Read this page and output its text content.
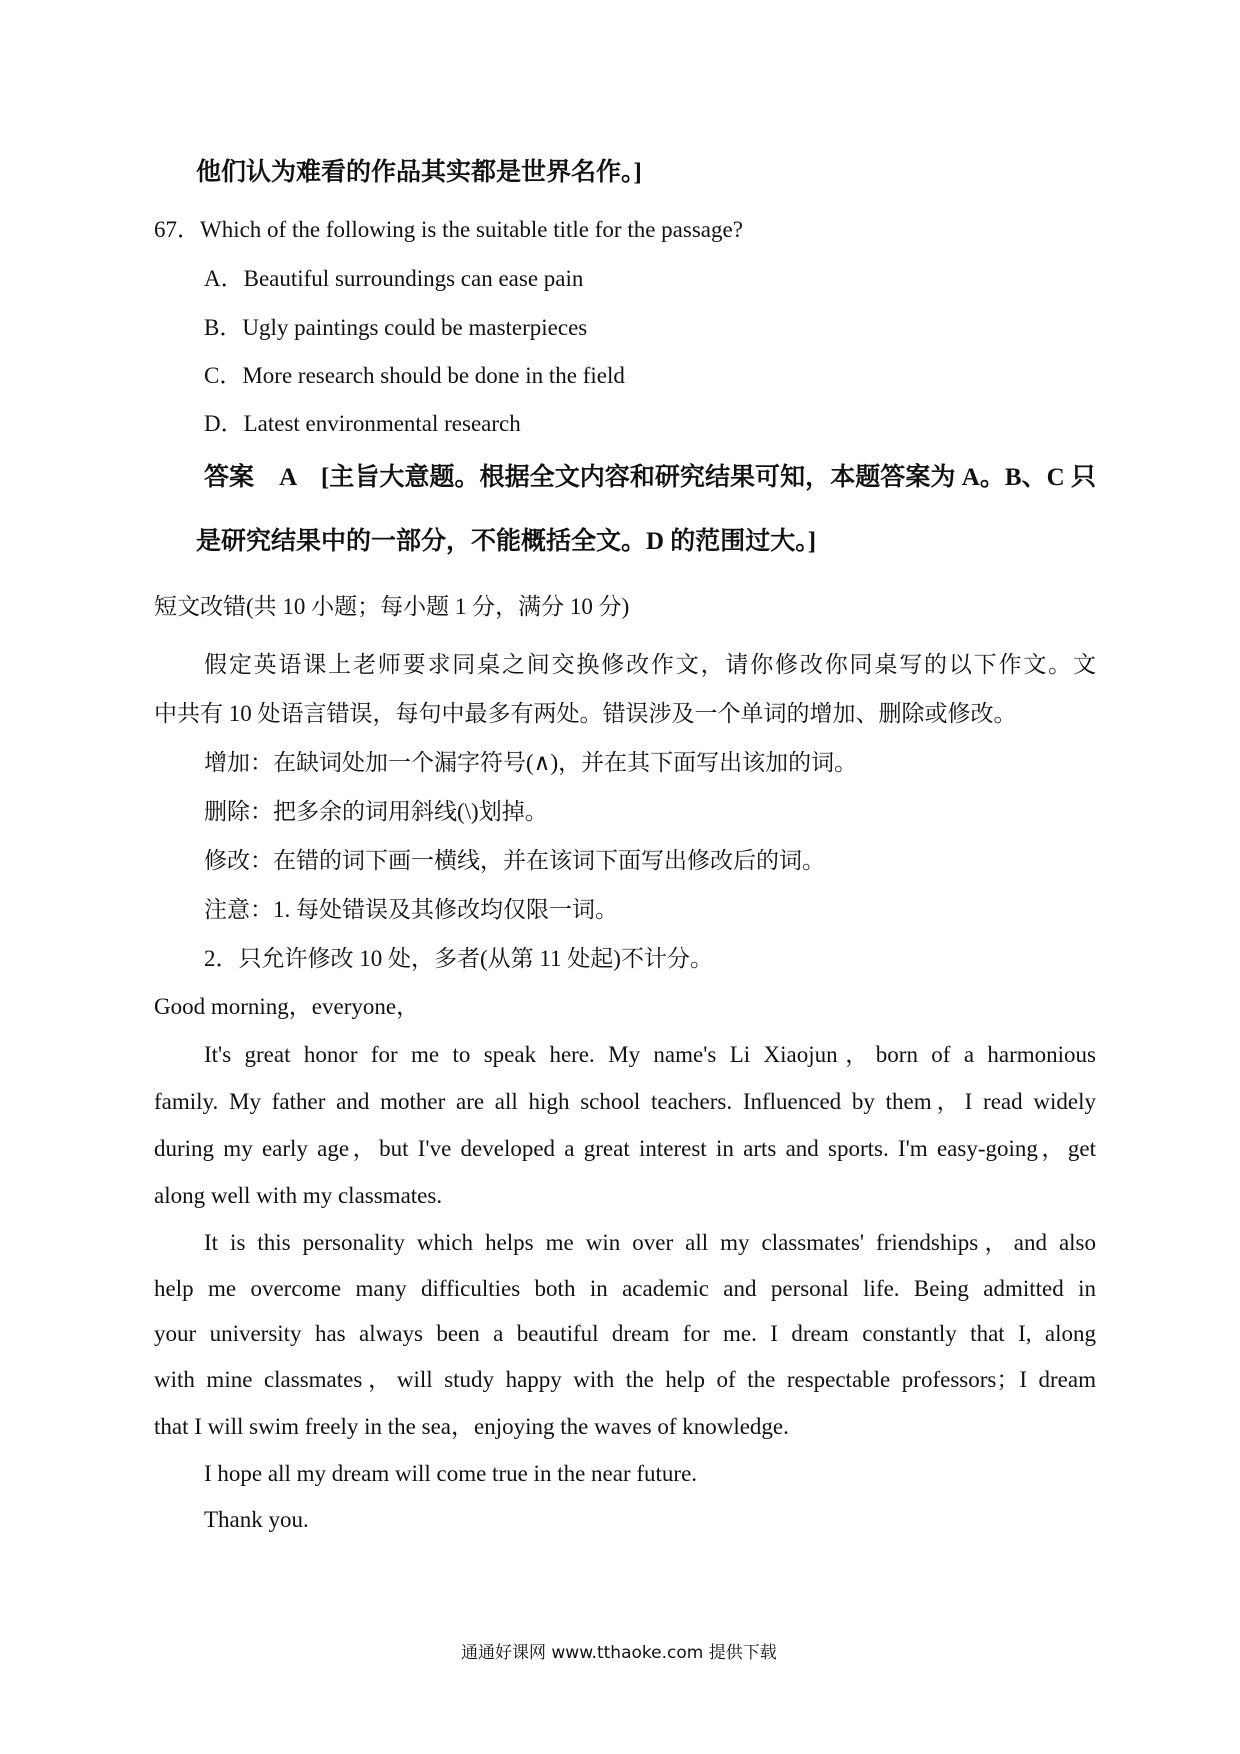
他们认为难看的作品其实都是世界名作。]
67．Which of the following is the suitable title for the passage?
A．Beautiful surroundings can ease pain
B．Ugly paintings could be masterpieces
C．More research should be done in the field
D．Latest environmental research
答案　A　[主旨大意题。根据全文内容和研究结果可知，本题答案为 A。B、C 只
是研究结果中的一部分，不能概括全文。D 的范围过大。]
短文改错(共 10 小题；每小题 1 分，满分 10 分)
假定英语课上老师要求同桌之间交换修改作文，请你修改你同桌写的以下作文。文
中共有 10 处语言错误，每句中最多有两处。错误涉及一个单词的增加、删除或修改。
增加：在缺词处加一个漏字符号(∧)，并在其下面写出该加的词。
删除：把多余的词用斜线(\)划掉。
修改：在错的词下画一横线，并在该词下面写出修改后的词。
注意：1. 每处错误及其修改均仅限一词。
2．只允许修改 10 处，多者(从第 11 处起)不计分。
Good morning，everyone，
It's great honor for me to speak here. My name's Li Xiaojun，born of a harmonious
family. My father and mother are all high school teachers. Influenced by them，I read widely
during my early age，but I've developed a great interest in arts and sports. I'm easy-going，get
along well with my classmates.
It is this personality which helps me win over all my classmates' friendships，and also
help me overcome many difficulties both in academic and personal life. Being admitted in
your university has always been a beautiful dream for me. I dream constantly that I, along
with mine classmates，will study happy with the help of the respectable professors；I dream
that I will swim freely in the sea，enjoying the waves of knowledge.
I hope all my dream will come true in the near future.
Thank you.
通通好课网 www.tthaoke.com 提供下载
